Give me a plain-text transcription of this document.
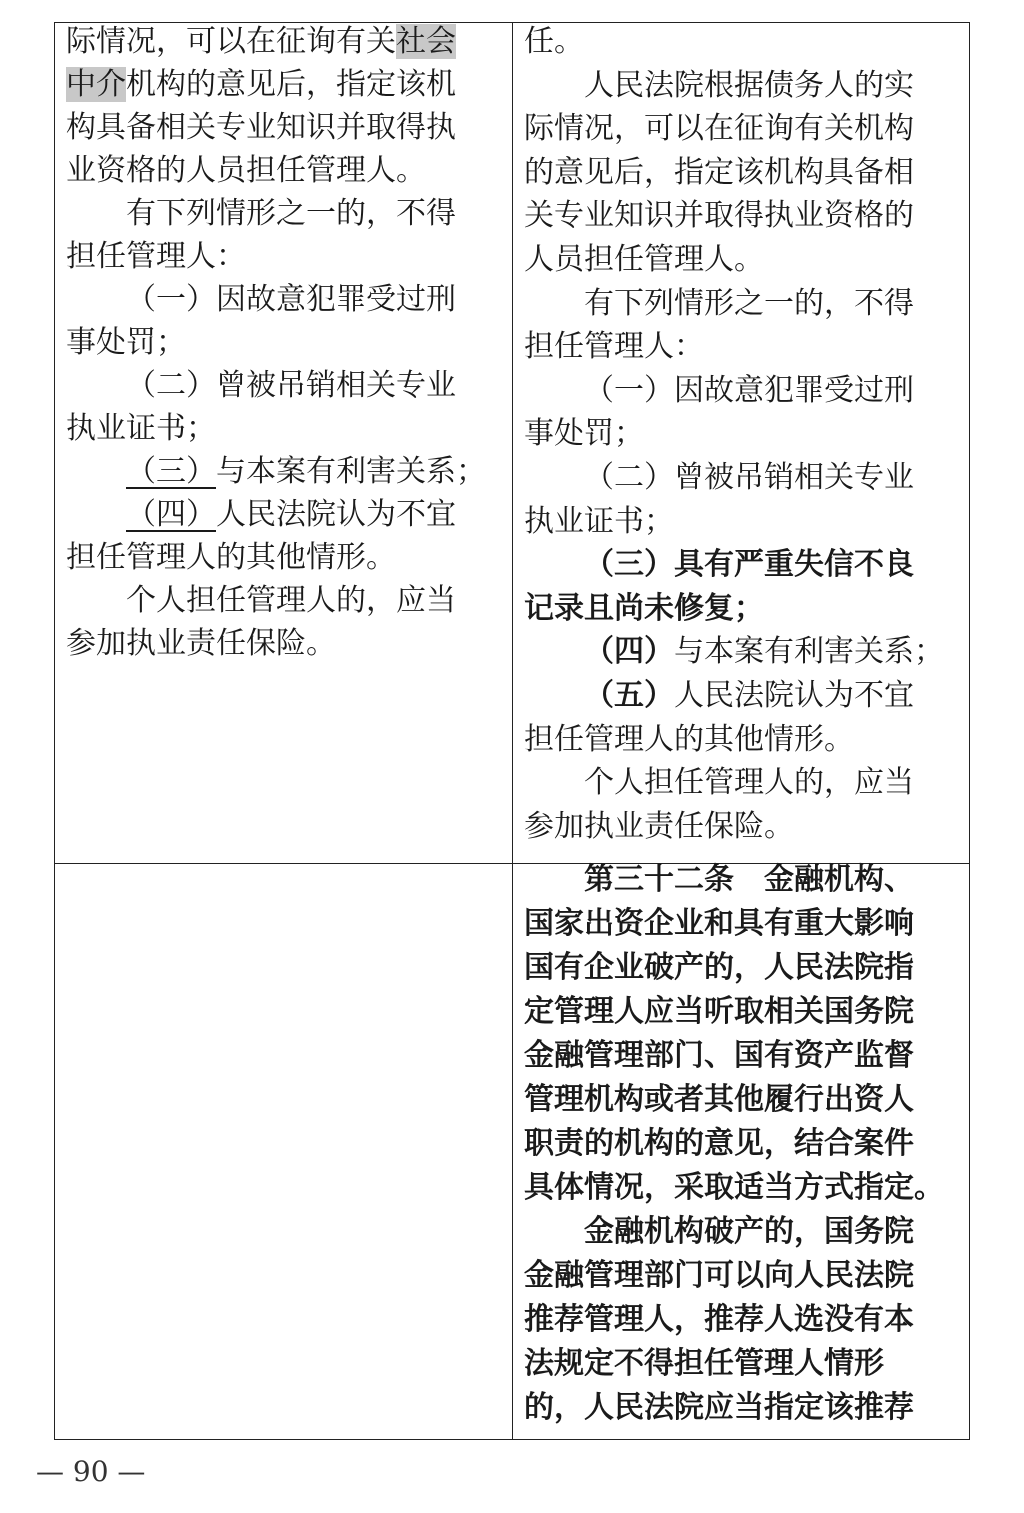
际情况，可以在征询有关社会
中介机构的意见后，指定该机
构具备相关专业知识并取得执
业资格的人员担任管理人。
有下列情形之一的，不得
担任管理人：
（一）因故意犯罪受过刑
事处罚；
（二）曾被吊销相关专业
执业证书；
（三）与本案有利害关系；
（四）人民法院认为不宜
担任管理人的其他情形。
个人担任管理人的，应当
参加执业责任保险。
任。
人民法院根据债务人的实
际情况，可以在征询有关机构
的意见后，指定该机构具备相
关专业知识并取得执业资格的
人员担任管理人。
有下列情形之一的，不得
担任管理人：
（一）因故意犯罪受过刑
事处罚；
（二）曾被吊销相关专业
执业证书；
（三）具有严重失信不良
记录且尚未修复；
（四）与本案有利害关系；
（五）人民法院认为不宜
担任管理人的其他情形。
个人担任管理人的，应当
参加执业责任保险。
第三十二条　金融机构、
国家出资企业和具有重大影响
国有企业破产的，人民法院指
定管理人应当听取相关国务院
金融管理部门、国有资产监督
管理机构或者其他履行出资人
职责的机构的意见，结合案件
具体情况，采取适当方式指定。
金融机构破产的，国务院
金融管理部门可以向人民法院
推荐管理人，推荐人选没有本
法规定不得担任管理人情形
的，人民法院应当指定该推荐
— 90 —
